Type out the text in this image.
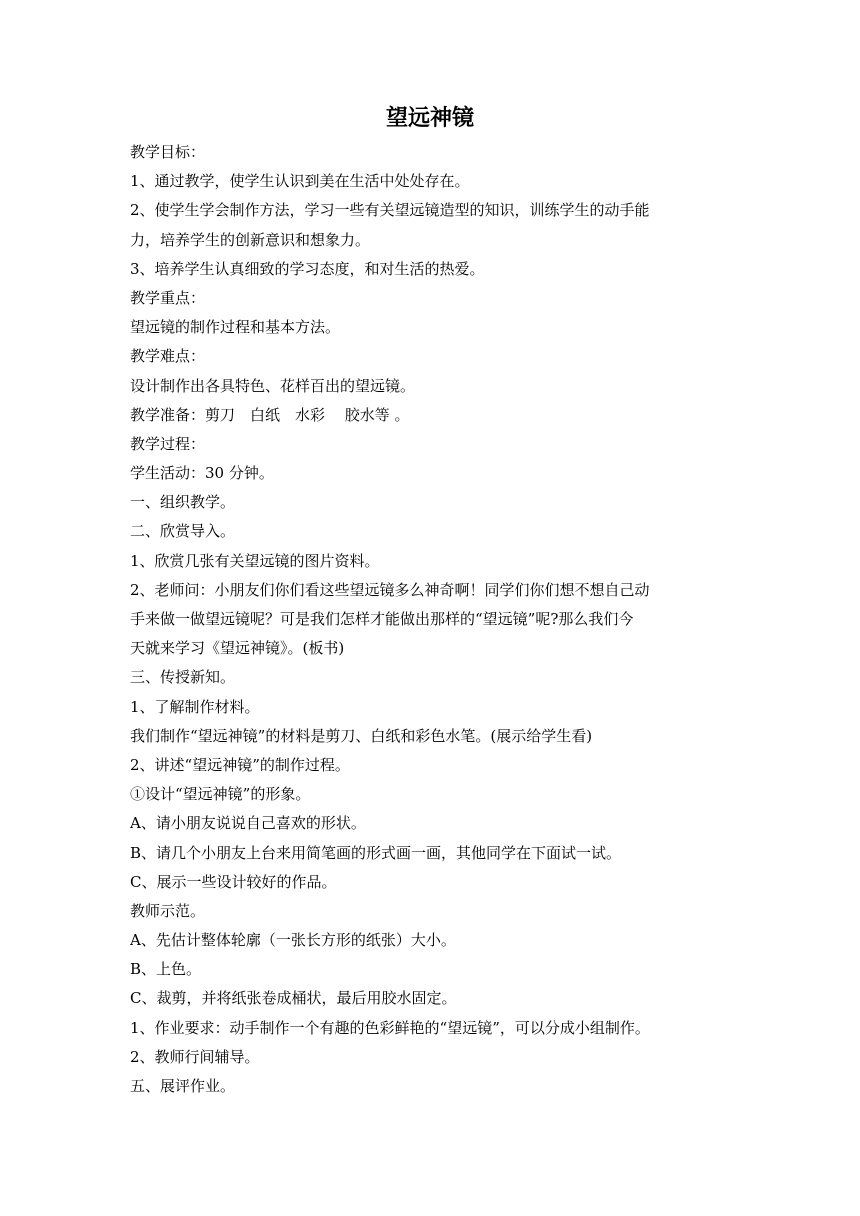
望远神镜
教学目标：
1、通过教学，使学生认识到美在生活中处处存在。
2、使学生学会制作方法，学习一些有关望远镜造型的知识，训练学生的动手能
力，培养学生的创新意识和想象力。
3、培养学生认真细致的学习态度，和对生活的热爱。
教学重点：
望远镜的制作过程和基本方法。
教学难点：
设计制作出各具特色、花样百出的望远镜。
教学准备：剪刀　白纸　水彩　 胶水等 。
教学过程：
学生活动：30 分钟。
一、组织教学。
二、欣赏导入。
1、欣赏几张有关望远镜的图片资料。
2、老师问：小朋友们你们看这些望远镜多么神奇啊！同学们你们想不想自己动
手来做一做望远镜呢？可是我们怎样才能做出那样的“望远镜”呢?那么我们今
天就来学习《望远神镜》。(板书)
三、传授新知。
1、了解制作材料。
我们制作“望远神镜”的材料是剪刀、白纸和彩色水笔。(展示给学生看)
2、讲述“望远神镜”的制作过程。
①设计“望远神镜”的形象。
A、请小朋友说说自己喜欢的形状。
B、请几个小朋友上台来用简笔画的形式画一画，其他同学在下面试一试。
C、展示一些设计较好的作品。
教师示范。
A、先估计整体轮廓（一张长方形的纸张）大小。
B、上色。
C、裁剪，并将纸张卷成桶状，最后用胶水固定。
1、作业要求：动手制作一个有趣的色彩鲜艳的“望远镜”，可以分成小组制作。
2、教师行间辅导。
五、展评作业。
